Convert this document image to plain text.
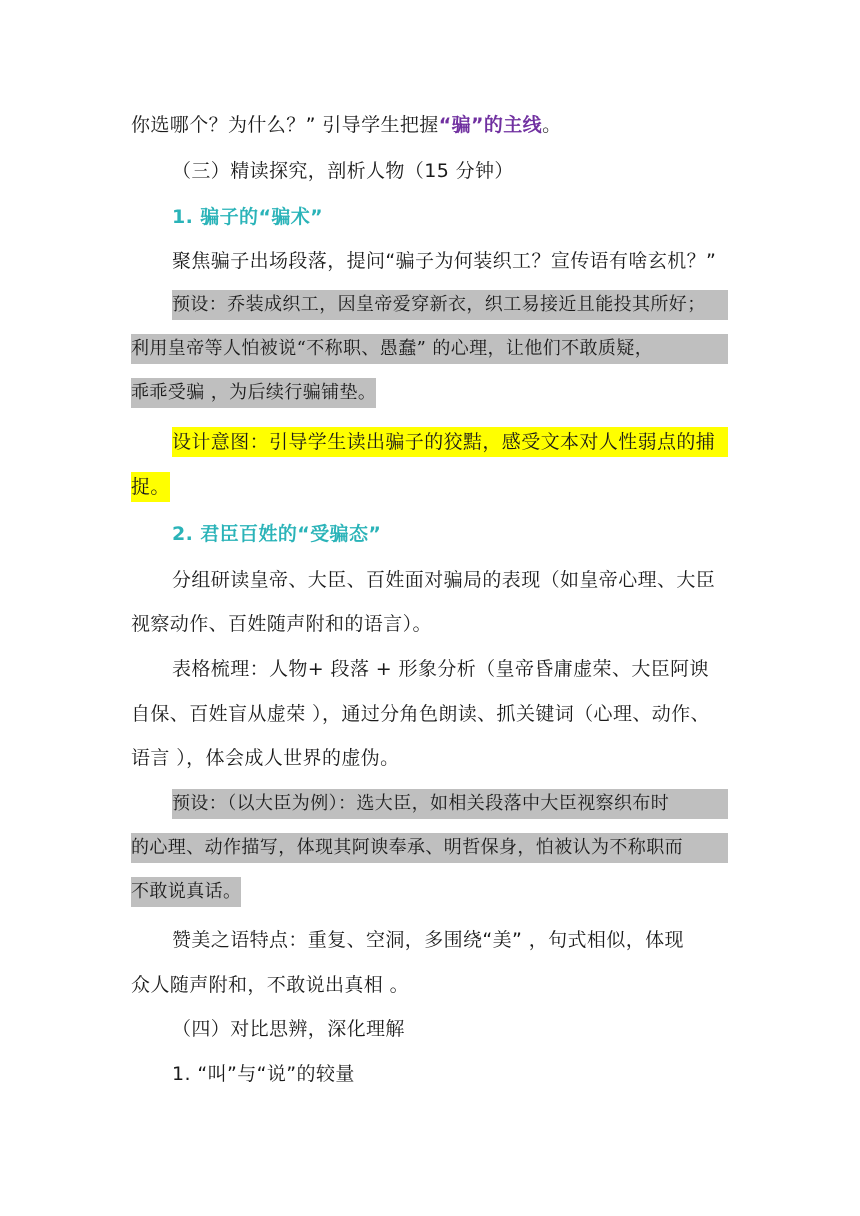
你选哪个？为什么？” 引导学生把握“骗”的主线。
（三）精读探究，剖析人物（15 分钟）
1. 骗子的“骗术”
聚焦骗子出场段落，提问“骗子为何装织工？宣传语有啥玄机？”
预设：乔装成织工，因皇帝爱穿新衣，织工易接近且能投其所好；
利用皇帝等人怕被说“不称职、愚蠢” 的心理，让他们不敢质疑，
乖乖受骗 ，为后续行骗铺垫。
设计意图：引导学生读出骗子的狡黠，感受文本对人性弱点的捕
捉。
2. 君臣百姓的“受骗态”
分组研读皇帝、大臣、百姓面对骗局的表现（如皇帝心理、大臣
视察动作、百姓随声附和的语言）。
表格梳理：人物+ 段落 + 形象分析（皇帝昏庸虚荣、大臣阿谀
自保、百姓盲从虚荣 ），通过分角色朗读、抓关键词（心理、动作、
语言 ），体会成人世界的虚伪。
预设：（以大臣为例）：选大臣，如相关段落中大臣视察织布时
的心理、动作描写，体现其阿谀奉承、明哲保身，怕被认为不称职而
不敢说真话。
赞美之语特点：重复、空洞，多围绕“美” ，句式相似，体现
众人随声附和，不敢说出真相 。
（四）对比思辨，深化理解
1. “叫”与“说”的较量
